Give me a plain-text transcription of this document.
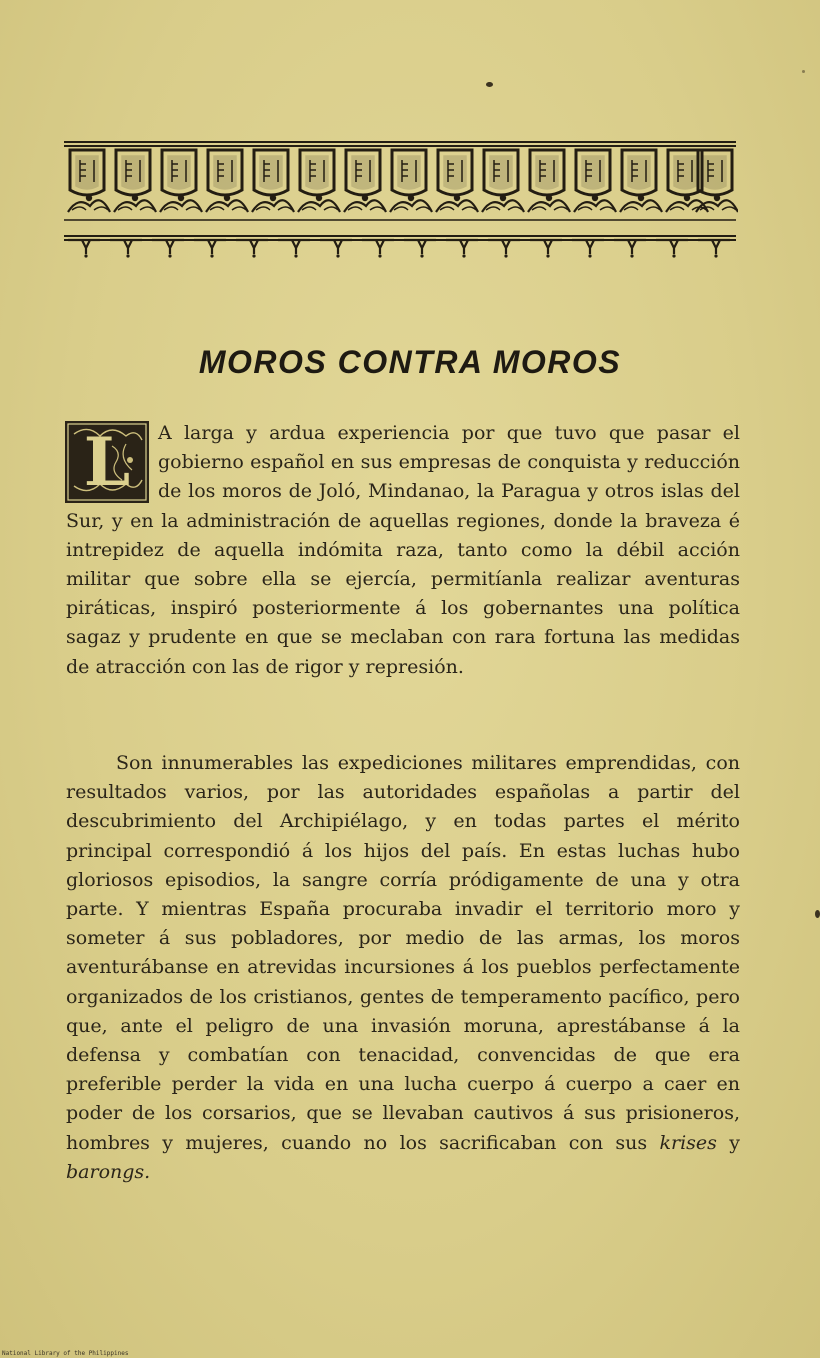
MOROS CONTRA MOROS
L	A larga y ardua experiencia por que tuvo que pasar el gobierno español en sus empresas de conquista y reducción de los moros de Joló, Mindanao, la Paragua y otros islas del Sur, y en la administración de aquellas regiones, donde la braveza é intrepidez de aquella indómita raza, tanto como la débil acción militar que sobre ella se ejercía, permitíanla realizar aventuras piráticas, inspiró posteriormente á los gobernantes una política sagaz y prudente en que se meclaban con rara fortuna las medidas de atracción con las de rigor y represión.

Son innumerables las expediciones militares emprendidas, con resultados varios, por las autoridades españolas a partir del descubrimiento del Archipiélago, y en todas partes el mérito principal correspondió á los hijos del país. En estas luchas hubo gloriosos episodios, la sangre corría pródigamente de una y otra parte. Y mientras España procuraba invadir el territorio moro y someter á sus pobladores, por medio de las armas, los moros aventurábanse en atrevidas incursiones á los pueblos perfectamente organizados de los cristianos, gentes de temperamento pacífico, pero que, ante el peligro de una invasión moruna, aprestábanse á la defensa y combatían con tenacidad, convencidas de que era preferible perder la vida en una lucha cuerpo á cuerpo a caer en poder de los corsarios, que se llevaban cautivos á sus prisioneros, hombres y mujeres, cuando no los sacrificaban con sus krises y barongs.

National Library of the Philippines
